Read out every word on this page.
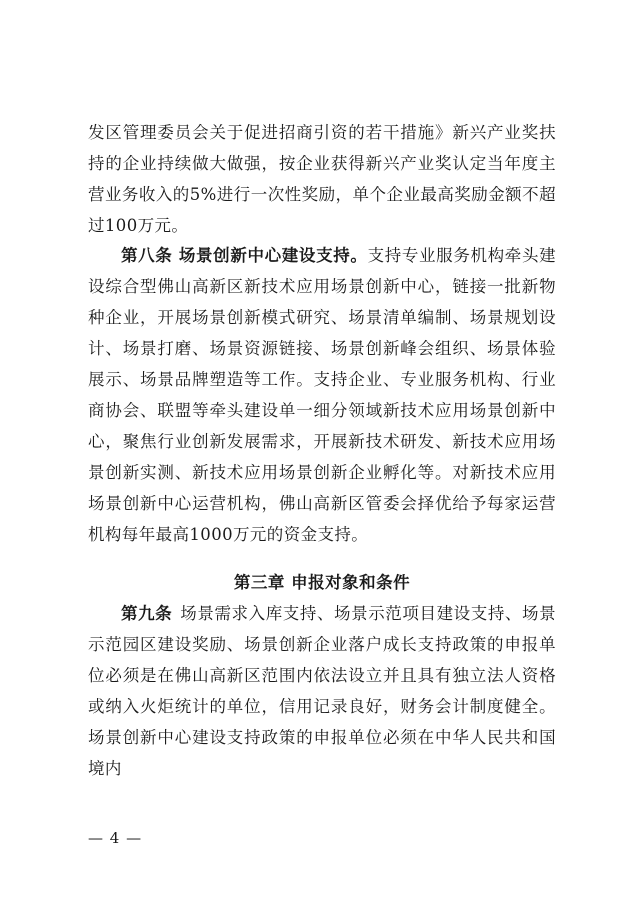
发区管理委员会关于促进招商引资的若干措施》新兴产业奖扶持的企业持续做大做强，按企业获得新兴产业奖认定当年度主营业务收入的5%进行一次性奖励，单个企业最高奖励金额不超过100万元。

第八条 场景创新中心建设支持。支持专业服务机构牵头建设综合型佛山高新区新技术应用场景创新中心，链接一批新物种企业，开展场景创新模式研究、场景清单编制、场景规划设计、场景打磨、场景资源链接、场景创新峰会组织、场景体验展示、场景品牌塑造等工作。支持企业、专业服务机构、行业商协会、联盟等牵头建设单一细分领域新技术应用场景创新中心，聚焦行业创新发展需求，开展新技术研发、新技术应用场景创新实测、新技术应用场景创新企业孵化等。对新技术应用场景创新中心运营机构，佛山高新区管委会择优给予每家运营机构每年最高1000万元的资金支持。

第三章 申报对象和条件

第九条 场景需求入库支持、场景示范项目建设支持、场景示范园区建设奖励、场景创新企业落户成长支持政策的申报单位必须是在佛山高新区范围内依法设立并且具有独立法人资格或纳入火炬统计的单位，信用记录良好，财务会计制度健全。场景创新中心建设支持政策的申报单位必须在中华人民共和国境内

— 4 —
